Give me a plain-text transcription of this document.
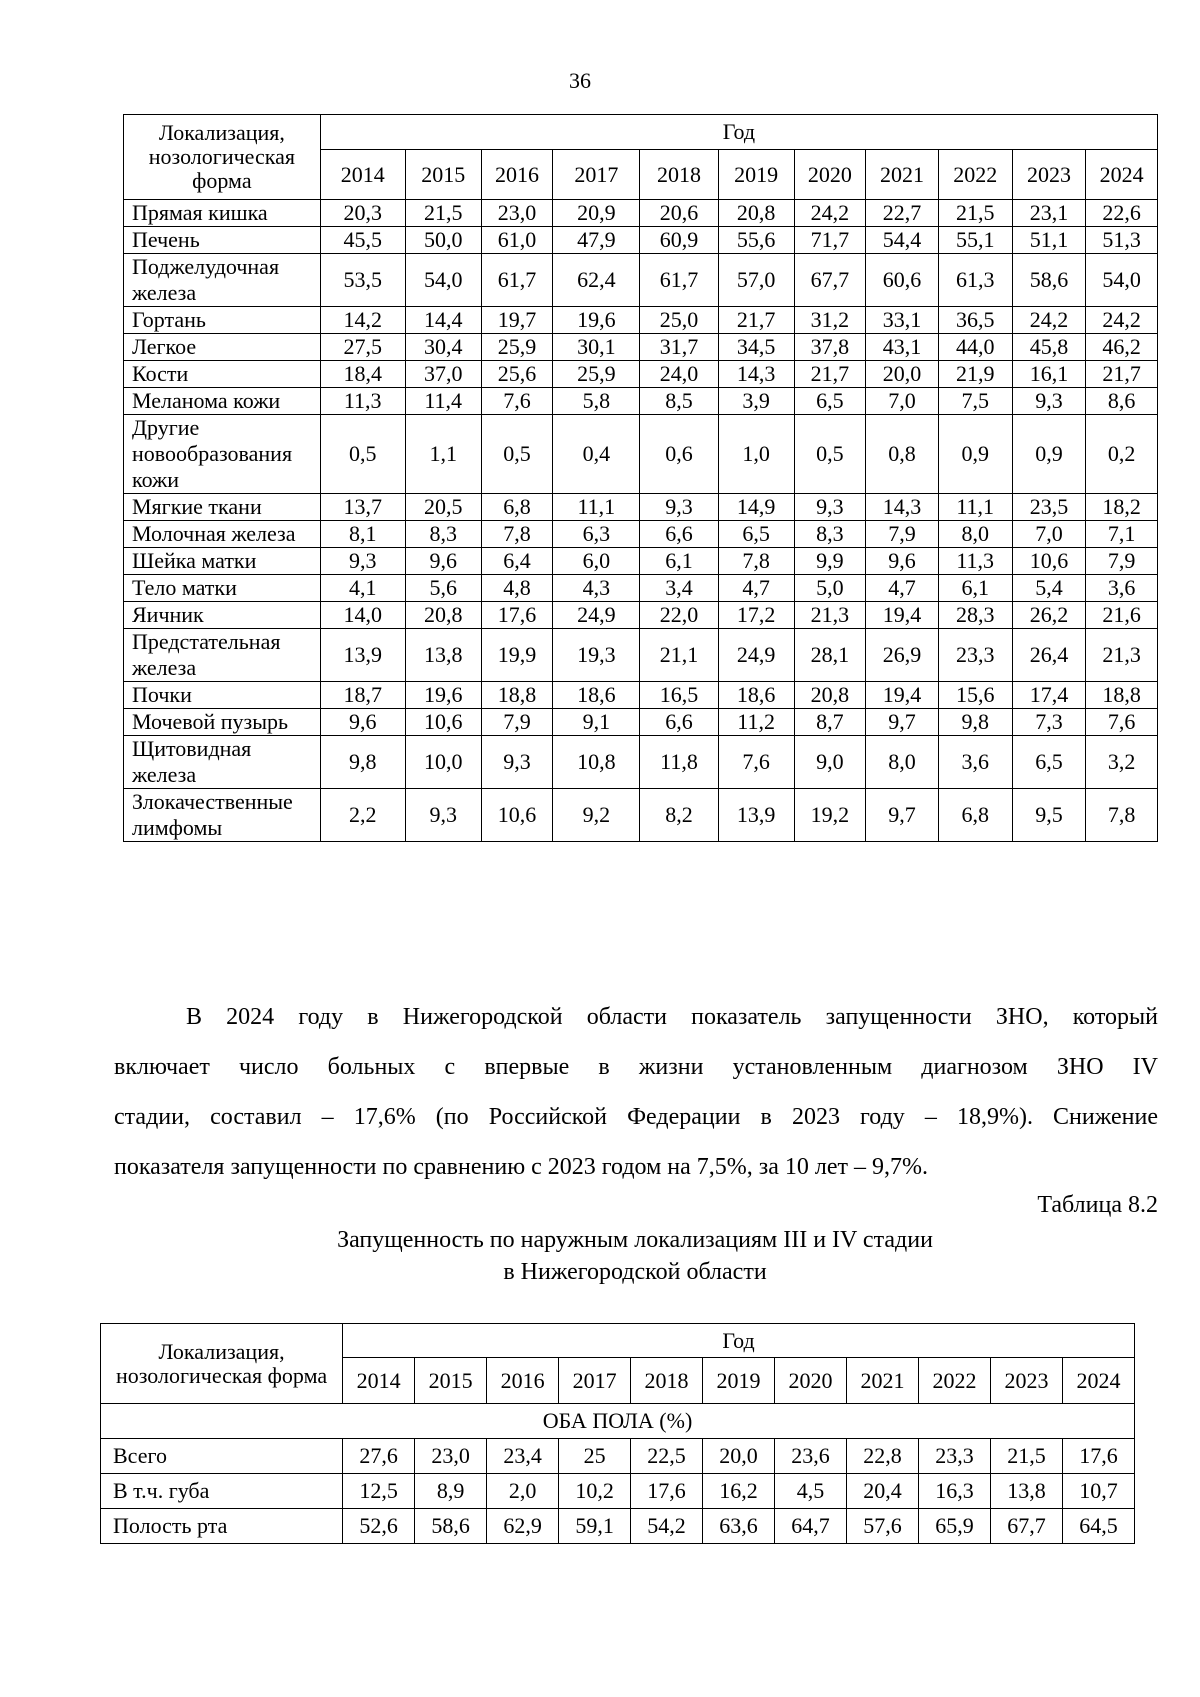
36
Локализация, нозологическая форма	Год										
	2014	2015	2016	2017	2018	2019	2020	2021	2022	2023	2024
Прямая кишка	20,3	21,5	23,0	20,9	20,6	20,8	24,2	22,7	21,5	23,1	22,6
Печень	45,5	50,0	61,0	47,9	60,9	55,6	71,7	54,4	55,1	51,1	51,3
Поджелудочная железа	53,5	54,0	61,7	62,4	61,7	57,0	67,7	60,6	61,3	58,6	54,0
Гортань	14,2	14,4	19,7	19,6	25,0	21,7	31,2	33,1	36,5	24,2	24,2
Легкое	27,5	30,4	25,9	30,1	31,7	34,5	37,8	43,1	44,0	45,8	46,2
Кости	18,4	37,0	25,6	25,9	24,0	14,3	21,7	20,0	21,9	16,1	21,7
Меланома кожи	11,3	11,4	7,6	5,8	8,5	3,9	6,5	7,0	7,5	9,3	8,6
Другие новообразования кожи	0,5	1,1	0,5	0,4	0,6	1,0	0,5	0,8	0,9	0,9	0,2
Мягкие ткани	13,7	20,5	6,8	11,1	9,3	14,9	9,3	14,3	11,1	23,5	18,2
Молочная железа	8,1	8,3	7,8	6,3	6,6	6,5	8,3	7,9	8,0	7,0	7,1
Шейка матки	9,3	9,6	6,4	6,0	6,1	7,8	9,9	9,6	11,3	10,6	7,9
Тело матки	4,1	5,6	4,8	4,3	3,4	4,7	5,0	4,7	6,1	5,4	3,6
Яичник	14,0	20,8	17,6	24,9	22,0	17,2	21,3	19,4	28,3	26,2	21,6
Предстательная железа	13,9	13,8	19,9	19,3	21,1	24,9	28,1	26,9	23,3	26,4	21,3
Почки	18,7	19,6	18,8	18,6	16,5	18,6	20,8	19,4	15,6	17,4	18,8
Мочевой пузырь	9,6	10,6	7,9	9,1	6,6	11,2	8,7	9,7	9,8	7,3	7,6
Щитовидная железа	9,8	10,0	9,3	10,8	11,8	7,6	9,0	8,0	3,6	6,5	3,2
Злокачественные лимфомы	2,2	9,3	10,6	9,2	8,2	13,9	19,2	9,7	6,8	9,5	7,8
В 2024 году в Нижегородской области показатель запущенности ЗНО, который
включает число больных с впервые в жизни установленным диагнозом ЗНО IV
стадии, составил – 17,6% (по Российской Федерации в 2023 году – 18,9%). Снижение
показателя запущенности по сравнению с 2023 годом на 7,5%, за 10 лет – 9,7%.
Таблица 8.2
Запущенность по наружным локализациям III и IV стадии
в Нижегородской области
Локализация, нозологическая форма	Год										
	2014	2015	2016	2017	2018	2019	2020	2021	2022	2023	2024
ОБА ПОЛА (%)											
Всего	27,6	23,0	23,4	25	22,5	20,0	23,6	22,8	23,3	21,5	17,6
В т.ч. губа	12,5	8,9	2,0	10,2	17,6	16,2	4,5	20,4	16,3	13,8	10,7
Полость рта	52,6	58,6	62,9	59,1	54,2	63,6	64,7	57,6	65,9	67,7	64,5
